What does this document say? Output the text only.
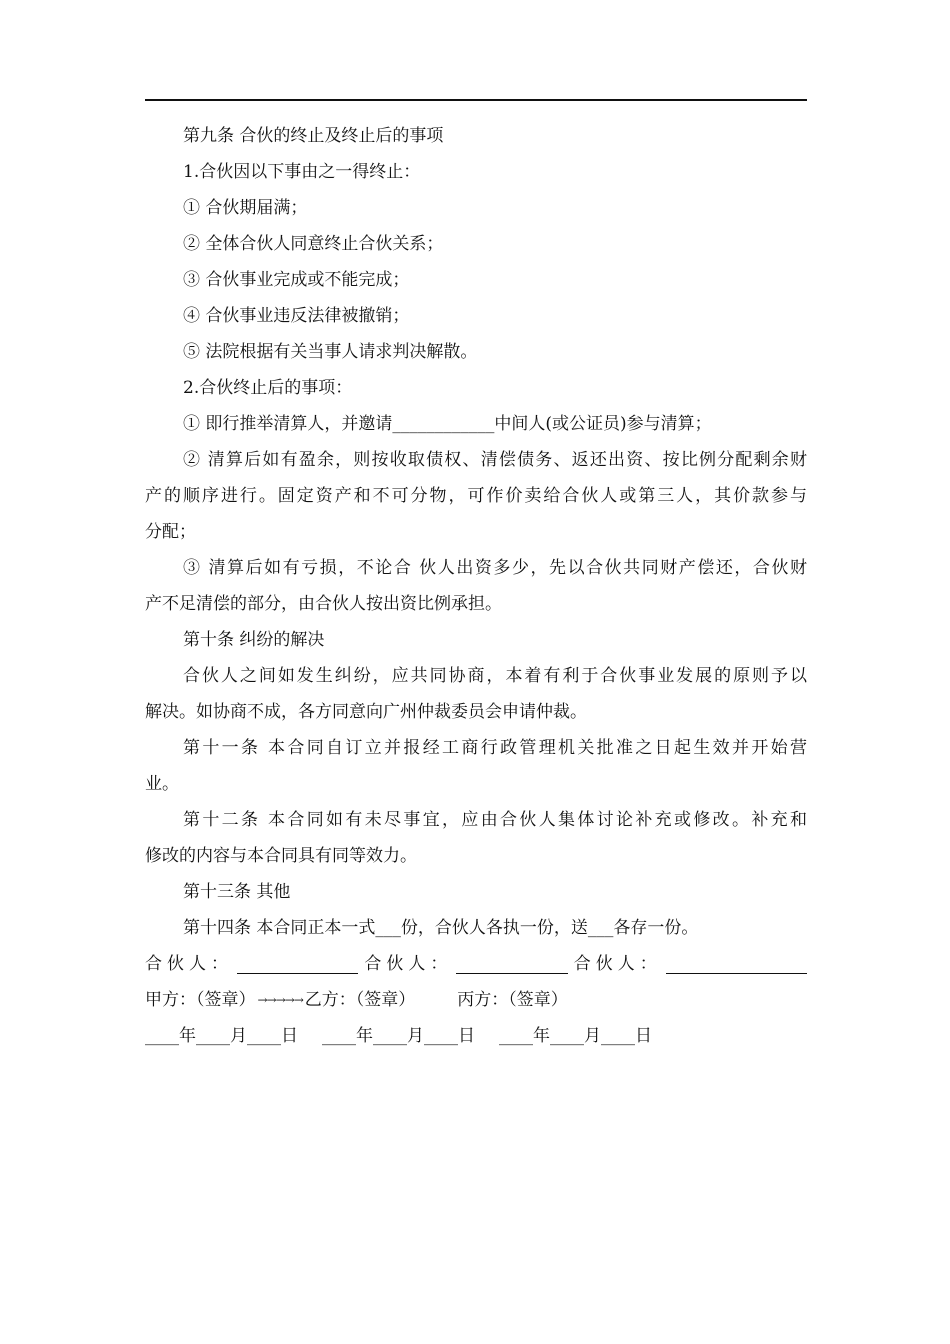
第九条 合伙的终止及终止后的事项
1.合伙因以下事由之一得终止：
① 合伙期届满；
② 全体合伙人同意终止合伙关系；
③ 合伙事业完成或不能完成；
④ 合伙事业违反法律被撤销；
⑤ 法院根据有关当事人请求判决解散。
2.合伙终止后的事项：
① 即行推举清算人，并邀请____________中间人(或公证员)参与清算；
② 清算后如有盈余，则按收取债权、清偿债务、返还出资、按比例分配剩余财
产的顺序进行。固定资产和不可分物，可作价卖给合伙人或第三人，其价款参与
分配；
③ 清算后如有亏损，不论合 伙人出资多少，先以合伙共同财产偿还，合伙财
产不足清偿的部分，由合伙人按出资比例承担。
第十条 纠纷的解决
合伙人之间如发生纠纷，应共同协商，本着有利于合伙事业发展的原则予以
解决。如协商不成，各方同意向广州仲裁委员会申请仲裁。
第十一条 本合同自订立并报经工商行政管理机关批准之日起生效并开始营
业。
第十二条 本合同如有未尽事宜，应由合伙人集体讨论补充或修改。补充和
修改的内容与本合同具有同等效力。
第十三条 其他
第十四条 本合同正本一式___份，合伙人各执一份，送___各存一份。
合伙人：	合伙人：	合伙人：
甲方：（签章） →→→→→ 乙方：（签章） 丙方：（签章）
____年____月____日 ____年____月____日 ____年____月____日
